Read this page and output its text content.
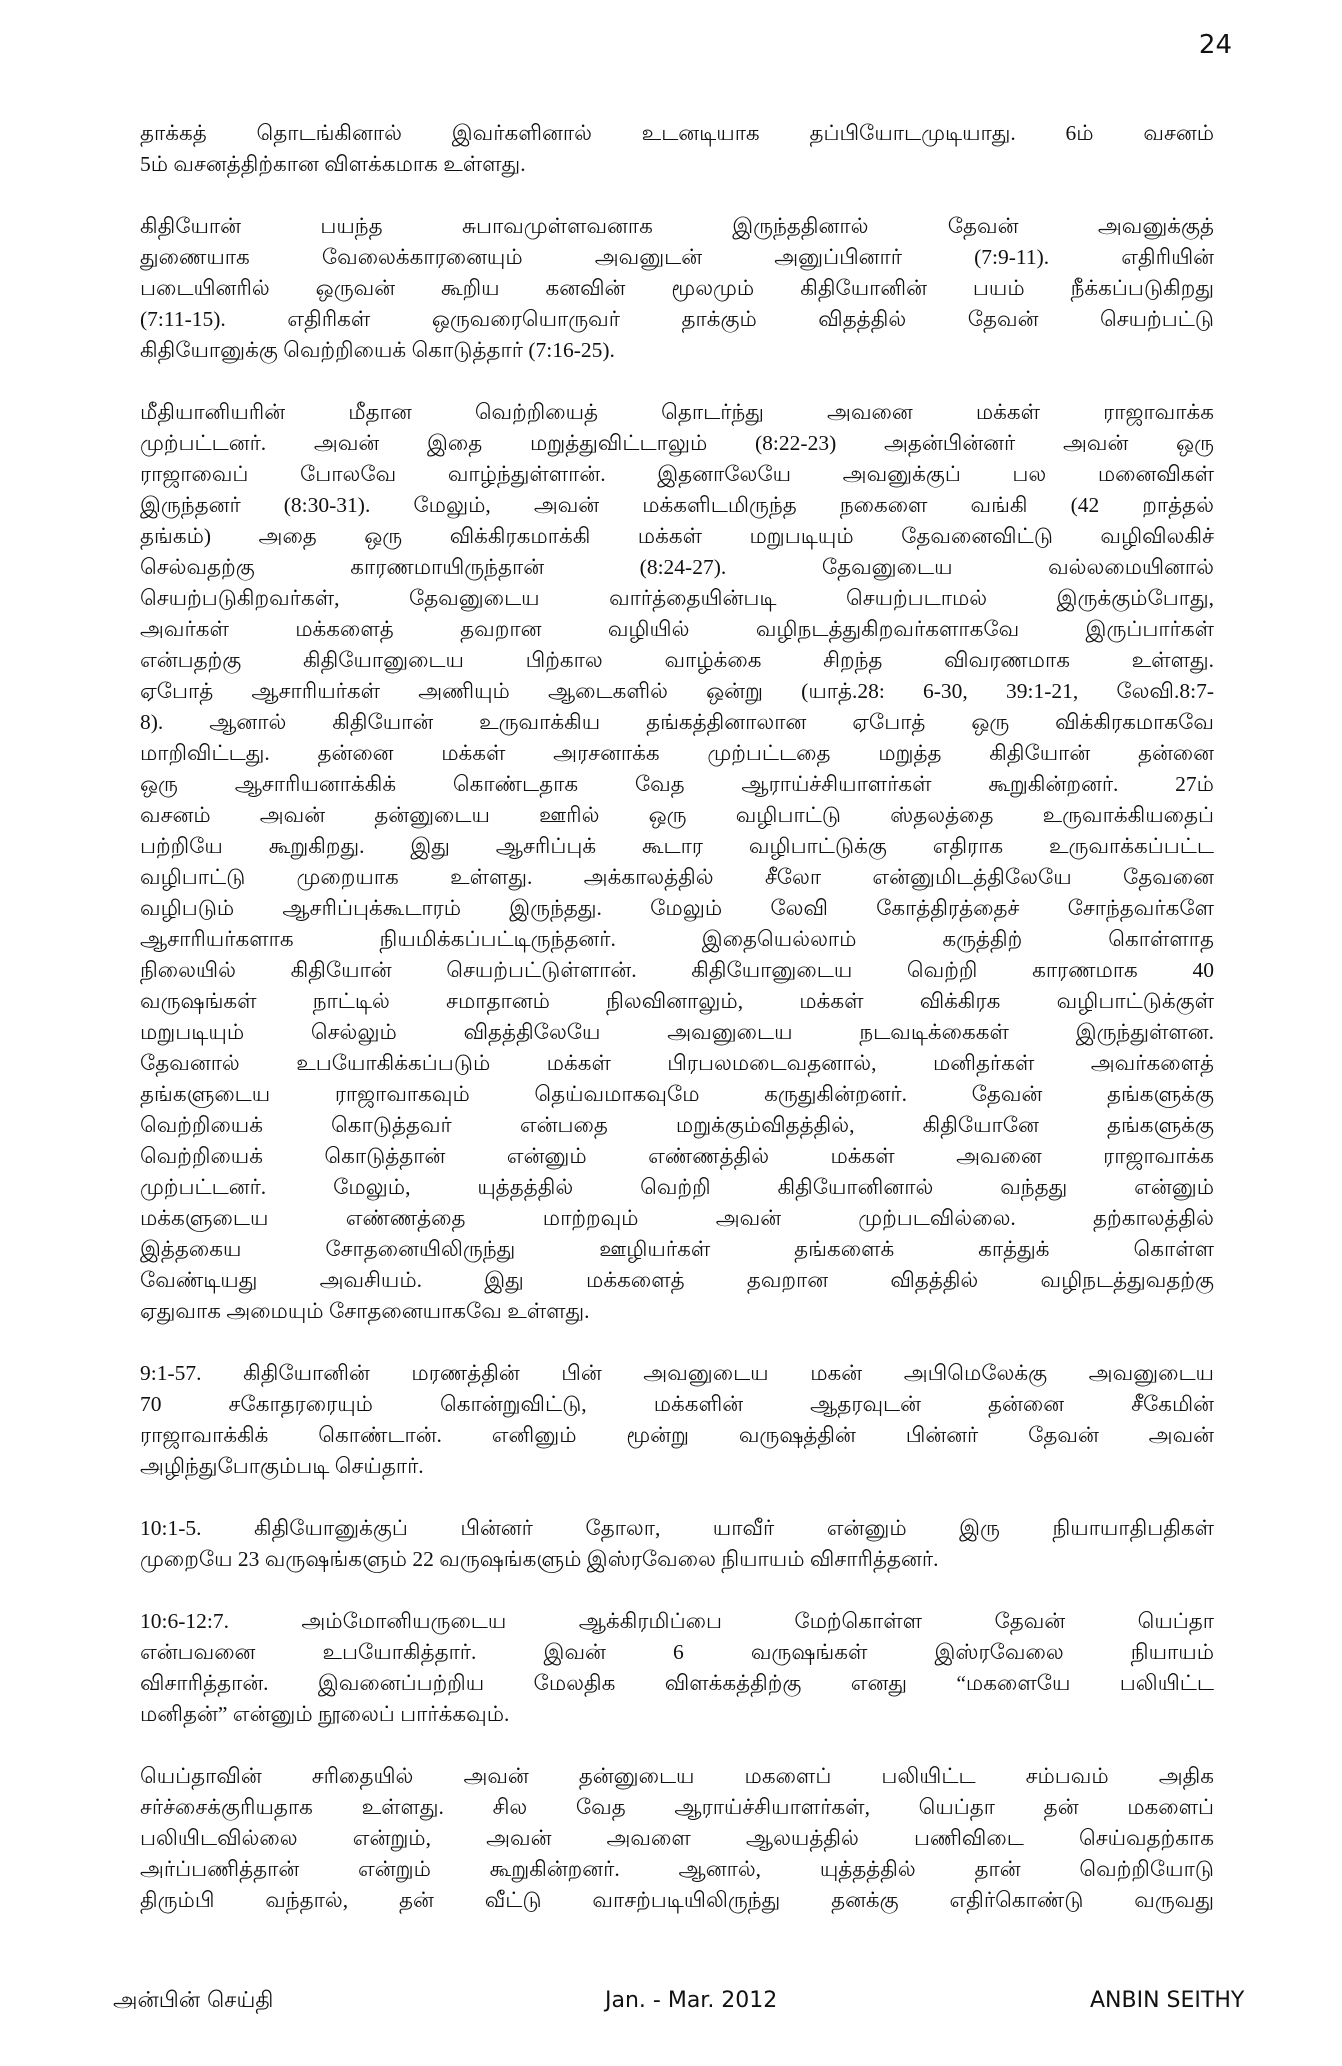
24
தாக்கத் தொடங்கினால் இவர்களினால் உடனடியாக தப்பியோடமுடியாது. 6ம் வசனம்
5ம் வசனத்திற்கான விளக்கமாக உள்ளது.
கிதியோன் பயந்த சுபாவமுள்ளவனாக இருந்ததினால் தேவன் அவனுக்குத்
துணையாக வேலைக்காரனையும் அவனுடன் அனுப்பினார் (7:9-11). எதிரியின்
படையினரில் ஒருவன் கூறிய கனவின் மூலமும் கிதியோனின் பயம் நீக்கப்படுகிறது
(7:11-15). எதிரிகள் ஒருவரையொருவர் தாக்கும் விதத்தில் தேவன் செயற்பட்டு
கிதியோனுக்கு வெற்றியைக் கொடுத்தார் (7:16-25).
மீதியானியரின் மீதான வெற்றியைத் தொடர்ந்து அவனை மக்கள் ராஜாவாக்க
முற்பட்டனர். அவன் இதை மறுத்துவிட்டாலும் (8:22-23) அதன்பின்னர் அவன் ஒரு
ராஜாவைப் போலவே வாழ்ந்துள்ளான். இதனாலேயே அவனுக்குப் பல மனைவிகள்
இருந்தனர் (8:30-31). மேலும், அவன் மக்களிடமிருந்த நகைளை வங்கி (42 றாத்தல்
தங்கம்) அதை ஒரு விக்கிரகமாக்கி மக்கள் மறுபடியும் தேவனைவிட்டு வழிவிலகிச்
செல்வதற்கு காரணமாயிருந்தான் (8:24-27). தேவனுடைய வல்லமையினால்
செயற்படுகிறவர்கள், தேவனுடைய வார்த்தையின்படி செயற்படாமல் இருக்கும்போது,
அவர்கள் மக்களைத் தவறான வழியில் வழிநடத்துகிறவர்களாகவே இருப்பார்கள்
என்பதற்கு கிதியோனுடைய பிற்கால வாழ்க்கை சிறந்த விவரணமாக உள்ளது.
ஏபோத் ஆசாரியர்கள் அணியும் ஆடைகளில் ஒன்று (யாத்.28: 6-30, 39:1-21, லேவி.8:7-
8). ஆனால் கிதியோன் உருவாக்கிய தங்கத்தினாலான ஏபோத் ஒரு விக்கிரகமாகவே
மாறிவிட்டது. தன்னை மக்கள் அரசனாக்க முற்பட்டதை மறுத்த கிதியோன் தன்னை
ஒரு ஆசாரியனாக்கிக் கொண்டதாக வேத ஆராய்ச்சியாளர்கள் கூறுகின்றனர். 27ம்
வசனம் அவன் தன்னுடைய ஊரில் ஒரு வழிபாட்டு ஸ்தலத்தை உருவாக்கியதைப்
பற்றியே கூறுகிறது. இது ஆசரிப்புக் கூடார வழிபாட்டுக்கு எதிராக உருவாக்கப்பட்ட
வழிபாட்டு முறையாக உள்ளது. அக்காலத்தில் சீலோ என்னுமிடத்திலேயே தேவனை
வழிபடும் ஆசரிப்புக்கூடாரம் இருந்தது. மேலும் லேவி கோத்திரத்தைச் சோந்தவர்களே
ஆசாரியர்களாக நியமிக்கப்பட்டிருந்தனர். இதையெல்லாம் கருத்திற் கொள்ளாத
நிலையில் கிதியோன் செயற்பட்டுள்ளான். கிதியோனுடைய வெற்றி காரணமாக 40
வருஷங்கள் நாட்டில் சமாதானம் நிலவினாலும், மக்கள் விக்கிரக வழிபாட்டுக்குள்
மறுபடியும் செல்லும் விதத்திலேயே அவனுடைய நடவடிக்கைகள் இருந்துள்ளன.
தேவனால் உபயோகிக்கப்படும் மக்கள் பிரபலமடைவதனால், மனிதர்கள் அவர்களைத்
தங்களுடைய ராஜாவாகவும் தெய்வமாகவுமே கருதுகின்றனர். தேவன் தங்களுக்கு
வெற்றியைக் கொடுத்தவர் என்பதை மறுக்கும்விதத்தில், கிதியோனே தங்களுக்கு
வெற்றியைக் கொடுத்தான் என்னும் எண்ணத்தில் மக்கள் அவனை ராஜாவாக்க
முற்பட்டனர். மேலும், யுத்தத்தில் வெற்றி கிதியோனினால் வந்தது என்னும்
மக்களுடைய எண்ணத்தை மாற்றவும் அவன் முற்படவில்லை. தற்காலத்தில்
இத்தகைய சோதனையிலிருந்து ஊழியர்கள் தங்களைக் காத்துக் கொள்ள
வேண்டியது அவசியம். இது மக்களைத் தவறான விதத்தில் வழிநடத்துவதற்கு
ஏதுவாக அமையும் சோதனையாகவே உள்ளது.
9:1-57. கிதியோனின் மரணத்தின் பின் அவனுடைய மகன் அபிமெலேக்கு அவனுடைய
70 சகோதரரையும் கொன்றுவிட்டு, மக்களின் ஆதரவுடன் தன்னை சீகேமின்
ராஜாவாக்கிக் கொண்டான். எனினும் மூன்று வருஷத்தின் பின்னர் தேவன் அவன்
அழிந்துபோகும்படி செய்தார்.
10:1-5. கிதியோனுக்குப் பின்னர் தோலா, யாவீர் என்னும் இரு நியாயாதிபதிகள்
முறையே 23 வருஷங்களும் 22 வருஷங்களும் இஸ்ரவேலை நியாயம் விசாரித்தனர்.
10:6-12:7. அம்மோனியருடைய ஆக்கிரமிப்பை மேற்கொள்ள தேவன் யெப்தா
என்பவனை உபயோகித்தார். இவன் 6 வருஷங்கள் இஸ்ரவேலை நியாயம்
விசாரித்தான். இவனைப்பற்றிய மேலதிக விளக்கத்திற்கு எனது “மகளையே பலியிட்ட
மனிதன்” என்னும் நூலைப் பார்க்கவும்.
யெப்தாவின் சரிதையில் அவன் தன்னுடைய மகளைப் பலியிட்ட சம்பவம் அதிக
சர்ச்சைக்குரியதாக உள்ளது. சில வேத ஆராய்ச்சியாளர்கள், யெப்தா தன் மகளைப்
பலியிடவில்லை என்றும், அவன் அவளை ஆலயத்தில் பணிவிடை செய்வதற்காக
அர்ப்பணித்தான் என்றும் கூறுகின்றனர். ஆனால், யுத்தத்தில் தான் வெற்றியோடு
திரும்பி வந்தால், தன் வீட்டு வாசற்படியிலிருந்து தனக்கு எதிர்கொண்டு வருவது
அன்பின் செய்தி	Jan. - Mar. 2012	ANBIN SEITHY
